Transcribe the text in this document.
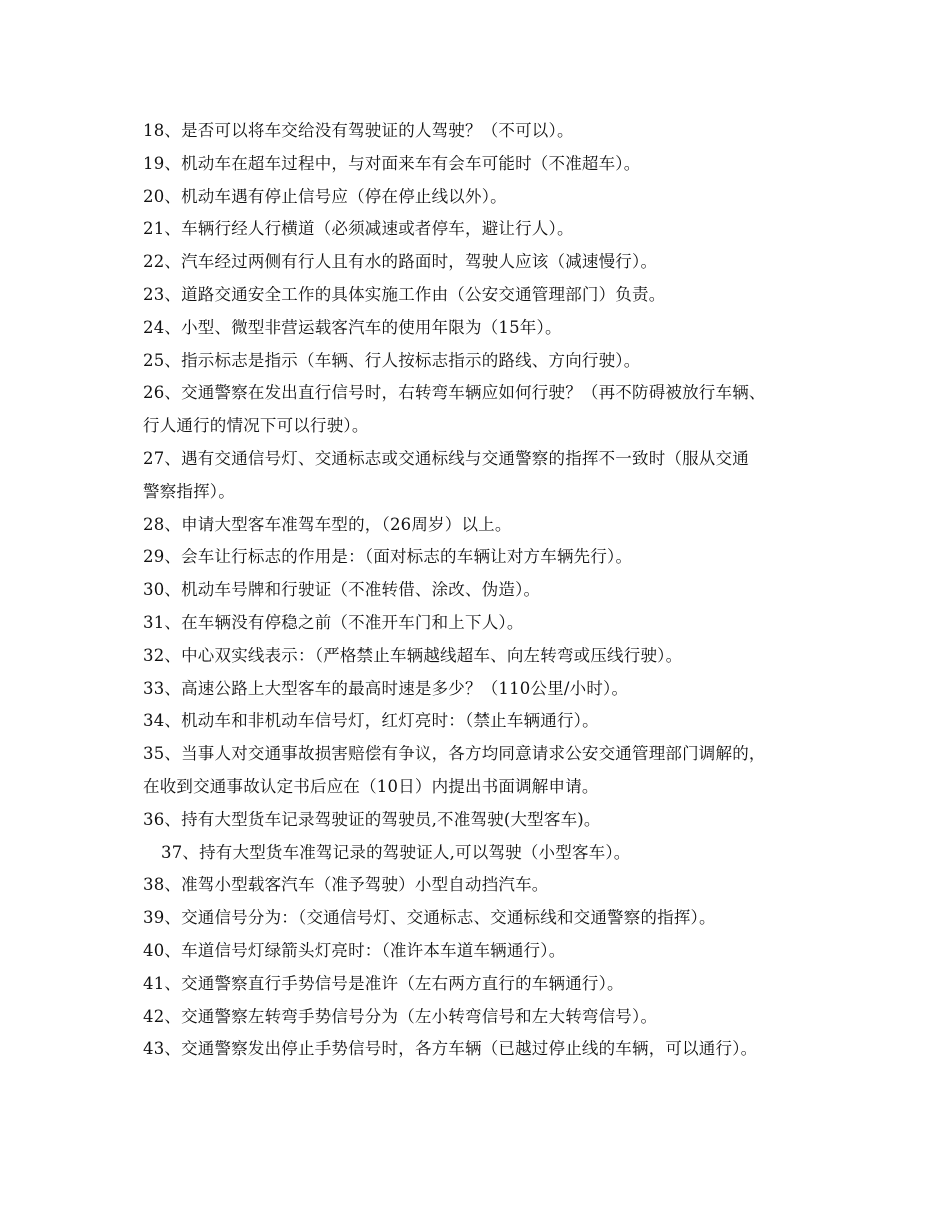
18、是否可以将车交给没有驾驶证的人驾驶？（不可以）。
19、机动车在超车过程中，与对面来车有会车可能时（不准超车）。
20、机动车遇有停止信号应（停在停止线以外）。
21、车辆行经人行横道（必须减速或者停车，避让行人）。
22、汽车经过两侧有行人且有水的路面时，驾驶人应该（减速慢行）。
23、道路交通安全工作的具体实施工作由（公安交通管理部门）负责。
24、小型、微型非营运载客汽车的使用年限为（15年）。
25、指示标志是指示（车辆、行人按标志指示的路线、方向行驶）。
26、交通警察在发出直行信号时，右转弯车辆应如何行驶？（再不防碍被放行车辆、
行人通行的情况下可以行驶）。
27、遇有交通信号灯、交通标志或交通标线与交通警察的指挥不一致时（服从交通
警察指挥）。
28、申请大型客车准驾车型的，（26周岁）以上。
29、会车让行标志的作用是：（面对标志的车辆让对方车辆先行）。
30、机动车号牌和行驶证（不准转借、涂改、伪造）。
31、在车辆没有停稳之前（不准开车门和上下人）。
32、中心双实线表示：（严格禁止车辆越线超车、向左转弯或压线行驶）。
33、高速公路上大型客车的最高时速是多少？（110公里/小时）。
34、机动车和非机动车信号灯，红灯亮时：（禁止车辆通行）。
35、当事人对交通事故损害赔偿有争议，各方均同意请求公安交通管理部门调解的，
在收到交通事故认定书后应在（10日）内提出书面调解申请。
36、持有大型货车记录驾驶证的驾驶员,不准驾驶(大型客车)。
37、持有大型货车准驾记录的驾驶证人,可以驾驶（小型客车）。
38、准驾小型载客汽车（准予驾驶）小型自动挡汽车。
39、交通信号分为：（交通信号灯、交通标志、交通标线和交通警察的指挥）。
40、车道信号灯绿箭头灯亮时：（准许本车道车辆通行）。
41、交通警察直行手势信号是准许（左右两方直行的车辆通行）。
42、交通警察左转弯手势信号分为（左小转弯信号和左大转弯信号）。
43、交通警察发出停止手势信号时，各方车辆（已越过停止线的车辆，可以通行）。
